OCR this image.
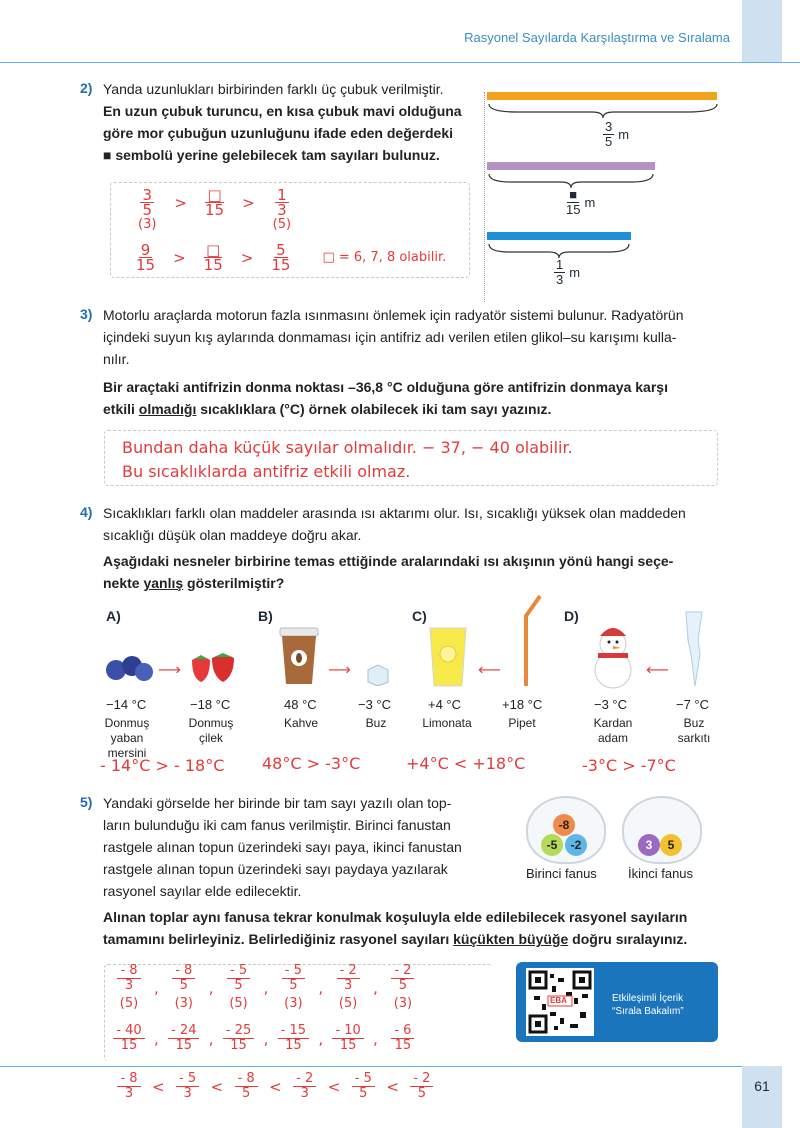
Rasyonel Sayılarda Karşılaştırma ve Sıralama
2) Yanda uzunlukları birbirinden farklı üç çubuk verilmiştir.
En uzun çubuk turuncu, en kısa çubuk mavi olduğuna
göre mor çubuğun uzunluğunu ifade eden değerdeki
■ sembolü yerine gelebilecek tam sayıları bulunuz.
$\frac{3}{5}$ m
$\frac{■}{15}$ m
$\frac{1}{3}$ m
$\frac{3}{5}$
(3)
> $\frac{□}{15} > \frac{1}{3}$
(5)
$\frac{9}{15} > \frac{□}{15} > \frac{5}{15}$ □ = 6, 7, 8 olabilir.
3) Motorlu araçlarda motorun fazla ısınmasını önlemek için radyatör sistemi bulunur. Radyatörün
içindeki suyun kış aylarında donmaması için antifriz adı verilen etilen glikol–su karışımı kulla-
nılır.
Bir araçtaki antifrizin donma noktası –36,8 °C olduğuna göre antifrizin donmaya karşı
etkili olmadığı sıcaklıklara (°C) örnek olabilecek iki tam sayı yazınız.
Bundan daha küçük sayılar olmalıdır. − 37, − 40 olabilir.
Bu sıcaklıklarda antifriz etkili olmaz.
4) Sıcaklıkları farklı olan maddeler arasında ısı aktarımı olur. Isı, sıcaklığı yüksek olan maddeden
sıcaklığı düşük olan maddeye doğru akar.
Aşağıdaki nesneler birbirine temas ettiğinde aralarındaki ısı akışının yönü hangi seçe-
nekte yanlış gösterilmiştir?
A)
⟶
−14 °C	−18 °C
Donmuş yaban mersini
Donmuş çilek
B)
⟶
48 °C	−3 °C
Kahve	Buz
C)
⟵
+4 °C	+18 °C
Limonata	Pipet
D)
⟵
−3 °C	−7 °C
Kardan adam
Buz sarkıtı
- 14°C > - 18°C 48°C > -3°C	+4°C < +18°C	-3°C > -7°C
5) Yandaki görselde her birinde bir tam sayı yazılı olan top-
ların bulunduğu iki cam fanus verilmiştir. Birinci fanustan
rastgele alınan topun üzerindeki sayı paya, ikinci fanustan
rastgele alınan topun üzerindeki sayı paydaya yazılarak
rasyonel sayılar elde edilecektir.
-8
-5	-2
Birinci fanus
3	5
İkinci fanus
Alınan toplar aynı fanusa tekrar konulmak koşuluyla elde edilebilecek rasyonel sayıların
tamamını belirleyiniz. Belirlediğiniz rasyonel sayıları küçükten büyüğe doğru sıralayınız.
- 8
3
(5)
,
- 8
5
(3)
,
- 5
5
(5)
,
- 5
5
(3)
,
- 2
3
(5)
,
- 2
5
(3)
$\frac{- 40}{15}$ , $\frac{- 24}{15}$ , $\frac{- 25}{15}$ , $\frac{- 15}{15}$ , $\frac{- 10}{15}$ , $\frac{- 6}{15}$
$\frac{- 8}{3} < \frac{- 5}{3} < \frac{- 8}{5} < \frac{- 2}{3} < \frac{- 5}{5} < \frac{- 2}{5}$
EBA	Etkileşimli İçerik
“Sırala Bakalım”
61
